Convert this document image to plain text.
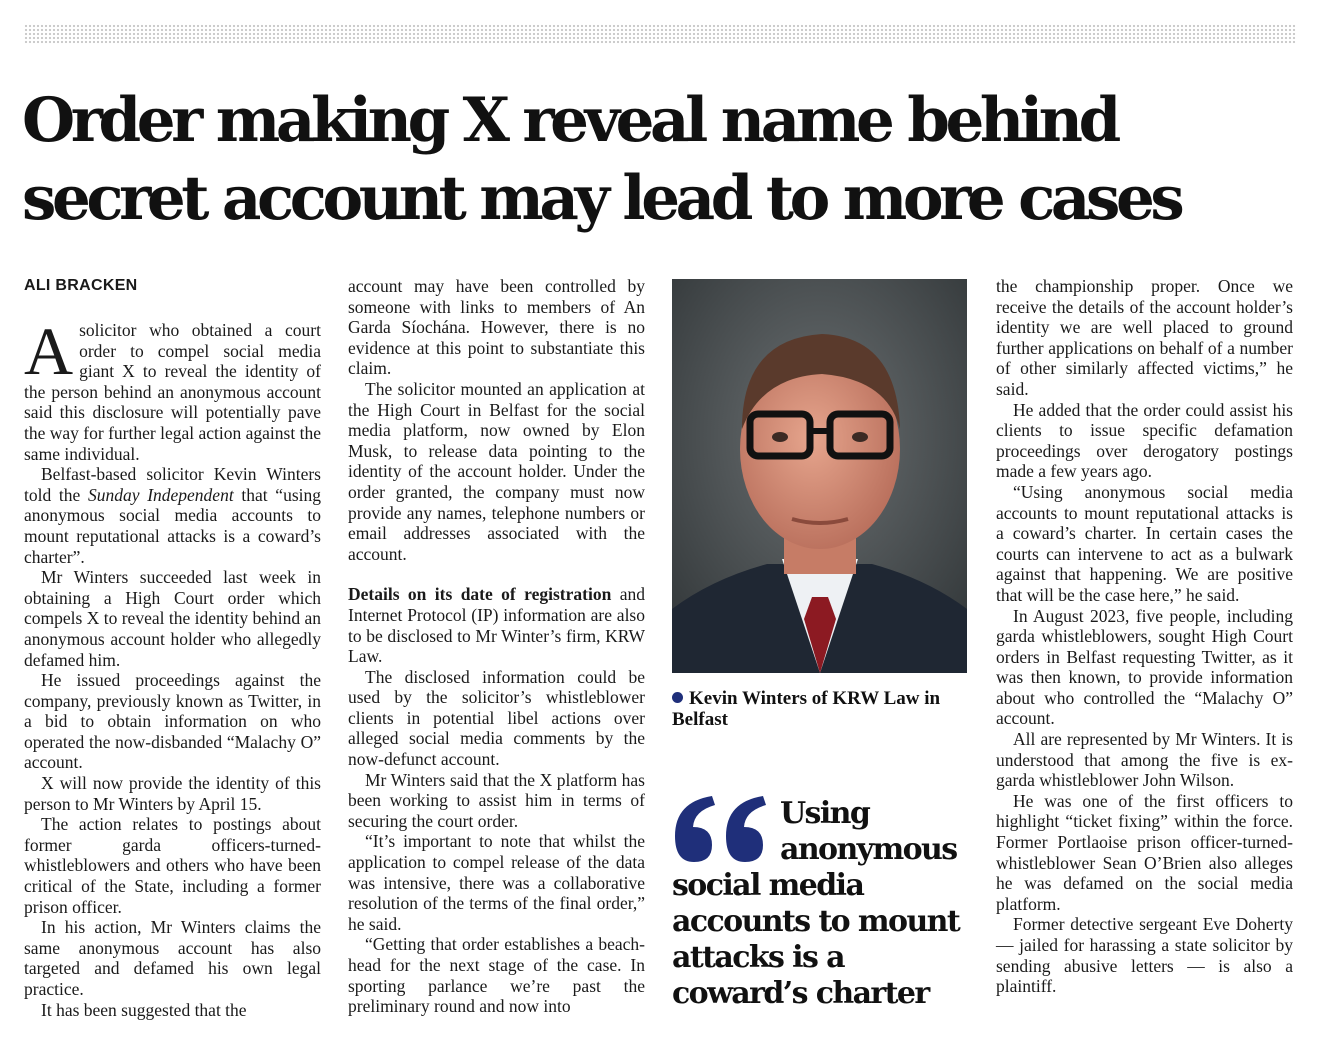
Order making X reveal name behind
secret account may lead to more cases
ALI BRACKEN

Asolicitor who obtained a court order to compel social media giant X to reveal the identity of the person behind an anonymous account said this disclosure will potentially pave the way for further legal action against the same individual.

Belfast-based solicitor Kevin Winters told the Sunday Independent that “using anonymous social media accounts to mount reputational attacks is a coward’s charter”.

Mr Winters succeeded last week in obtaining a High Court order which compels X to reveal the identity behind an anonymous account holder who allegedly defamed him.

He issued proceedings against the company, previously known as Twitter, in a bid to obtain information on who operated the now-disbanded “Malachy O” account.

X will now provide the identity of this person to Mr Winters by April 15.

The action relates to postings about former garda officers-turned-whistleblowers and others who have been critical of the State, including a former prison officer.

In his action, Mr Winters claims the same anonymous account has also targeted and defamed his own legal practice.

It has been suggested that the

account may have been controlled by someone with links to members of An Garda Síochána. However, there is no evidence at this point to substantiate this claim.

The solicitor mounted an application at the High Court in Belfast for the social media platform, now owned by Elon Musk, to release data pointing to the identity of the account holder. Under the order granted, the company must now provide any names, telephone numbers or email addresses associated with the account.

Details on its date of registration and Internet Protocol (IP) information are also to be disclosed to Mr Winter’s firm, KRW Law.

The disclosed information could be used by the solicitor’s whistleblower clients in potential libel actions over alleged social media comments by the now-defunct account.

Mr Winters said that the X platform has been working to assist him in terms of securing the court order.

“It’s important to note that whilst the application to compel release of the data was intensive, there was a collaborative resolution of the terms of the final order,” he said.

“Getting that order establishes a beach-head for the next stage of the case. In sporting parlance we’re past the preliminary round and now into

Kevin Winters of KRW Law in Belfast
Using anonymous
social media accounts to mount attacks is a coward’s charter

the championship proper. Once we receive the details of the account holder’s identity we are well placed to ground further applications on behalf of a number of other similarly affected victims,” he said.

He added that the order could assist his clients to issue specific defamation proceedings over derogatory postings made a few years ago.

“Using anonymous social media accounts to mount reputational attacks is a coward’s charter. In certain cases the courts can intervene to act as a bulwark against that happening. We are positive that will be the case here,” he said.

In August 2023, five people, including garda whistleblowers, sought High Court orders in Belfast requesting Twitter, as it was then known, to provide information about who controlled the “Malachy O” account.

All are represented by Mr Winters. It is understood that among the five is ex-garda whistleblower John Wilson.

He was one of the first officers to highlight “ticket fixing” within the force. Former Portlaoise prison officer-turned-whistleblower Sean O’Brien also alleges he was defamed on the social media platform.

Former detective sergeant Eve Doherty — jailed for harassing a state solicitor by sending abusive letters — is also a plaintiff.
